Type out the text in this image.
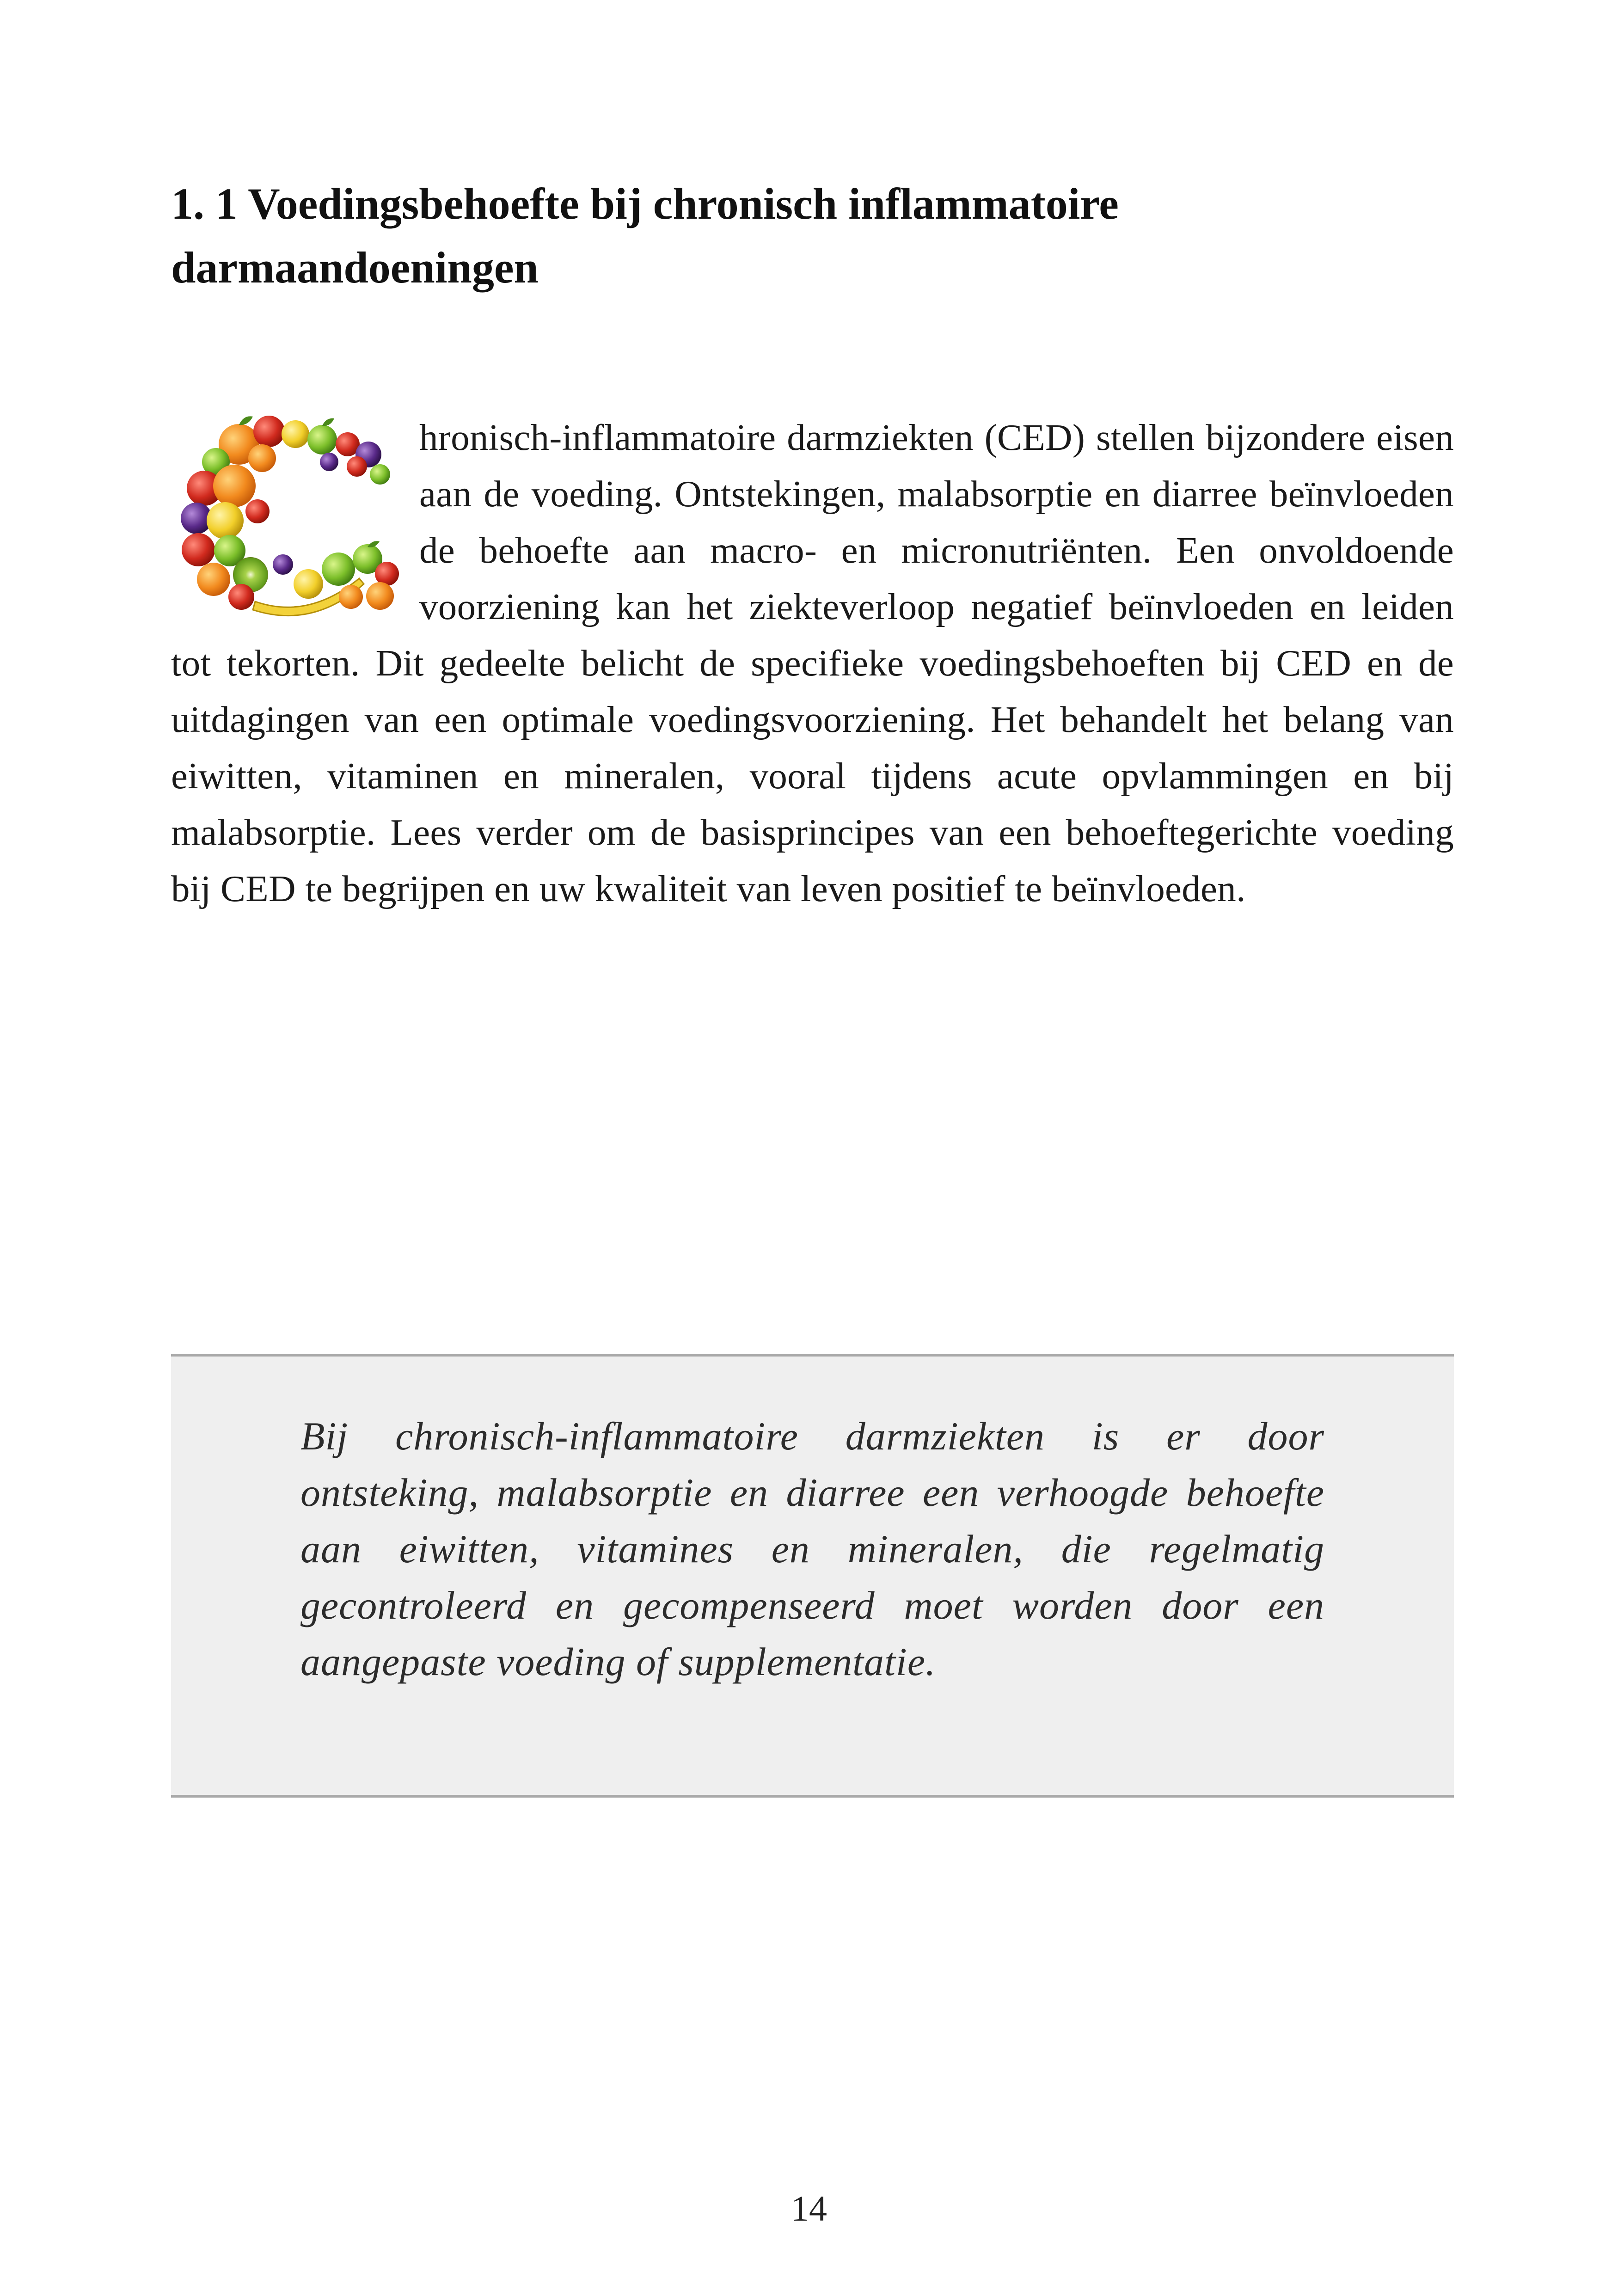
1. 1 Voedingsbehoefte bij chronisch inflammatoire darmaandoeningen

hronisch-inflammatoire darmziekten (CED) stellen bijzondere eisen aan de voeding. Ontstekingen, malabsorptie en diarree beïnvloeden de behoefte aan macro- en micronutriënten. Een onvoldoende voorziening kan het ziekteverloop negatief beïnvloeden en leiden tot tekorten. Dit gedeelte belicht de specifieke voedingsbehoeften bij CED en de uitdagingen van een optimale voedingsvoorziening. Het behandelt het belang van eiwitten, vitaminen en mineralen, vooral tijdens acute opvlammingen en bij malabsorptie. Lees verder om de basisprincipes van een behoeftegerichte voeding bij CED te begrijpen en uw kwaliteit van leven positief te beïnvloeden.

Bij chronisch-inflammatoire darmziekten is er door ontsteking, malabsorptie en diarree een verhoogde behoefte aan eiwitten, vitamines en mineralen, die regelmatig gecontroleerd en gecompenseerd moet worden door een aangepaste voeding of supplementatie.

14
